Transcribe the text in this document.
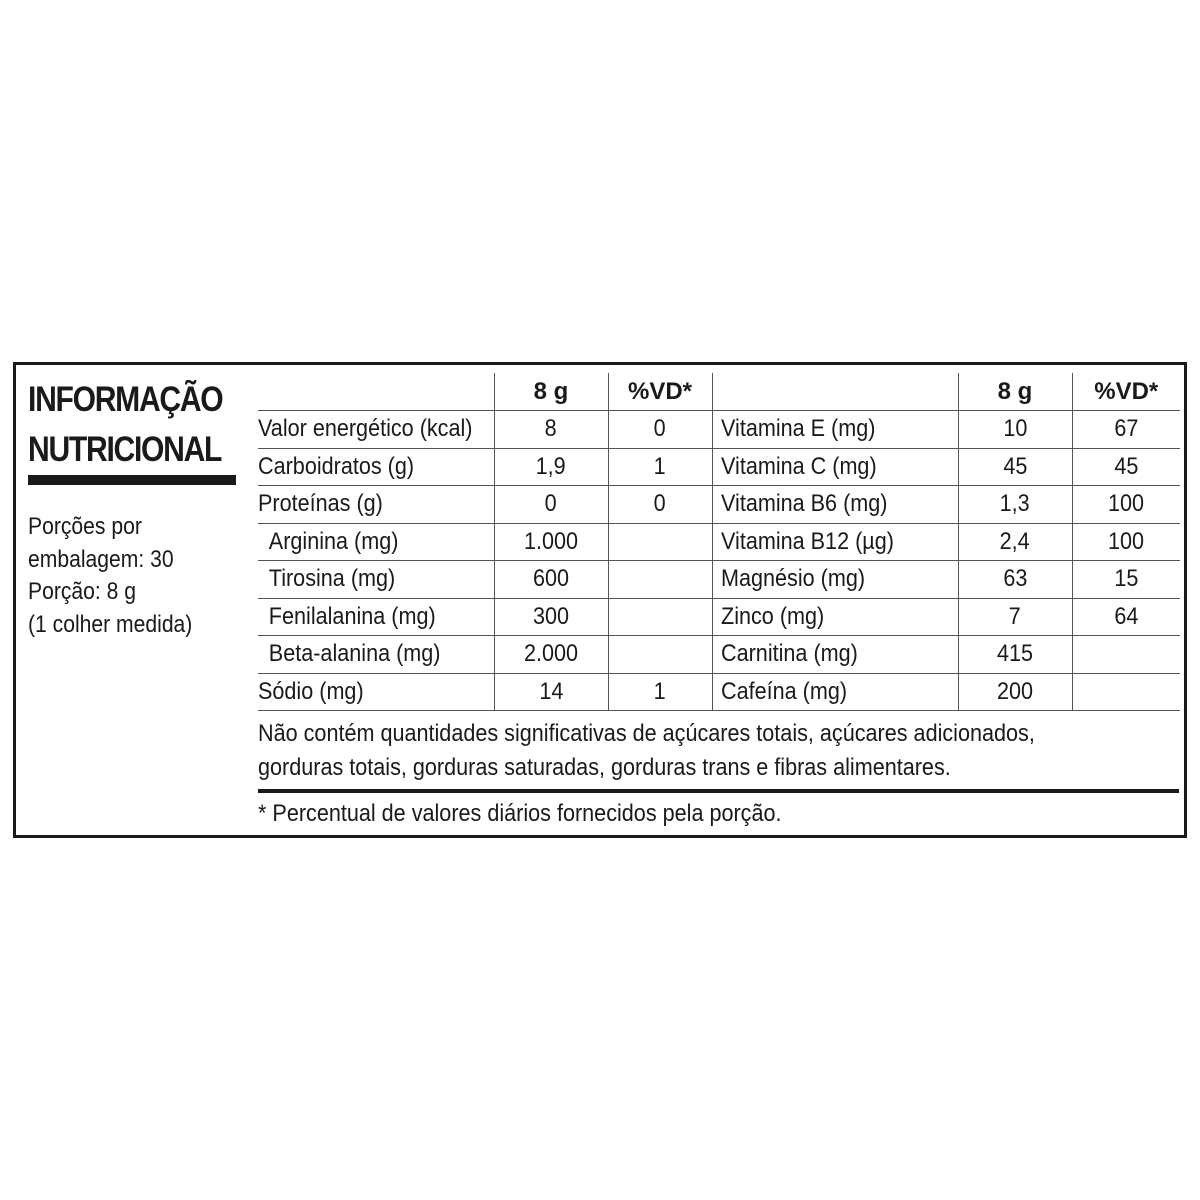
INFORMAÇÃO
NUTRICIONAL
Porções por
embalagem: 30
Porção: 8 g
(1 colher medida)
	8 g	%VD*		8 g	%VD*
Valor energético (kcal)	8	0	Vitamina E (mg)	10	67
Carboidratos (g)	1,9	1	Vitamina C (mg)	45	45
Proteínas (g)	0	0	Vitamina B6 (mg)	1,3	100
Arginina (mg)	1.000		Vitamina B12 (µg)	2,4	100
Tirosina (mg)	600		Magnésio (mg)	63	15
Fenilalanina (mg)	300		Zinco (mg)	7	64
Beta-alanina (mg)	2.000		Carnitina (mg)	415	
Sódio (mg)	14	1	Cafeína (mg)	200	

Não contém quantidades significativas de açúcares totais, açúcares adicionados, gorduras totais, gorduras saturadas, gorduras trans e fibras alimentares.
* Percentual de valores diários fornecidos pela porção.
